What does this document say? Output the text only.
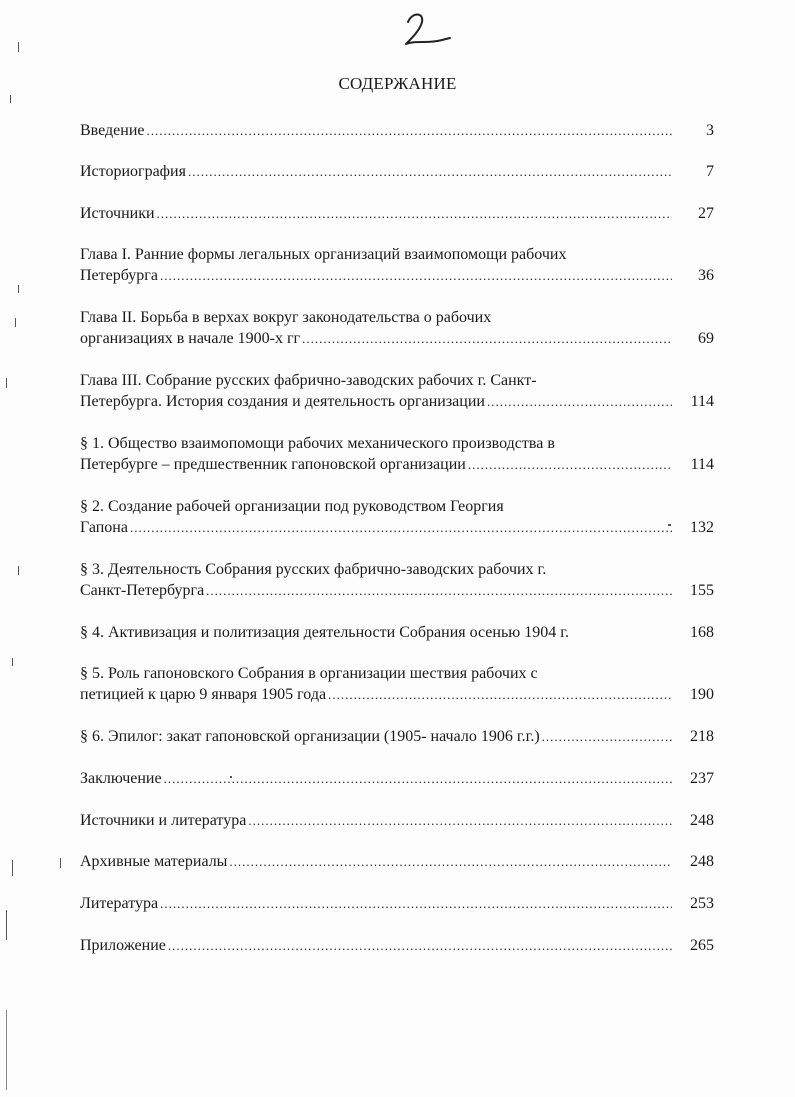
2
СОДЕРЖАНИЕ
Введение .....	3
Историография .....	7
Источники .....	27
Глава I. Ранние формы легальных организаций взаимопомощи рабочих
Петербурга .....	36
Глава II. Борьба в верхах вокруг законодательства о рабочих
организациях в начале 1900-х гг .....	69
Глава III. Собрание русских фабрично-заводских рабочих г. Санкт-
Петербурга. История создания и деятельность организации .....	114
§ 1. Общество взаимопомощи рабочих механического производства в
Петербурге – предшественник гапоновской организации .....	114
§ 2. Создание рабочей организации под руководством Георгия
Гапона .....	132
§ 3. Деятельность Собрания русских фабрично-заводских рабочих г.
Санкт-Петербурга .....	155
§ 4. Активизация и политизация деятельности Собрания осенью 1904 г.	168
§ 5. Роль гапоновского Собрания в организации шествия рабочих с
петицией к царю 9 января 1905 года .....	190
§ 6. Эпилог: закат гапоновской организации (1905- начало 1906 г.г.) .....	218
Заключение .....	237
Источники и литература .....	248
Архивные материалы .....	248
Литература .....	253
Приложение .....	265
